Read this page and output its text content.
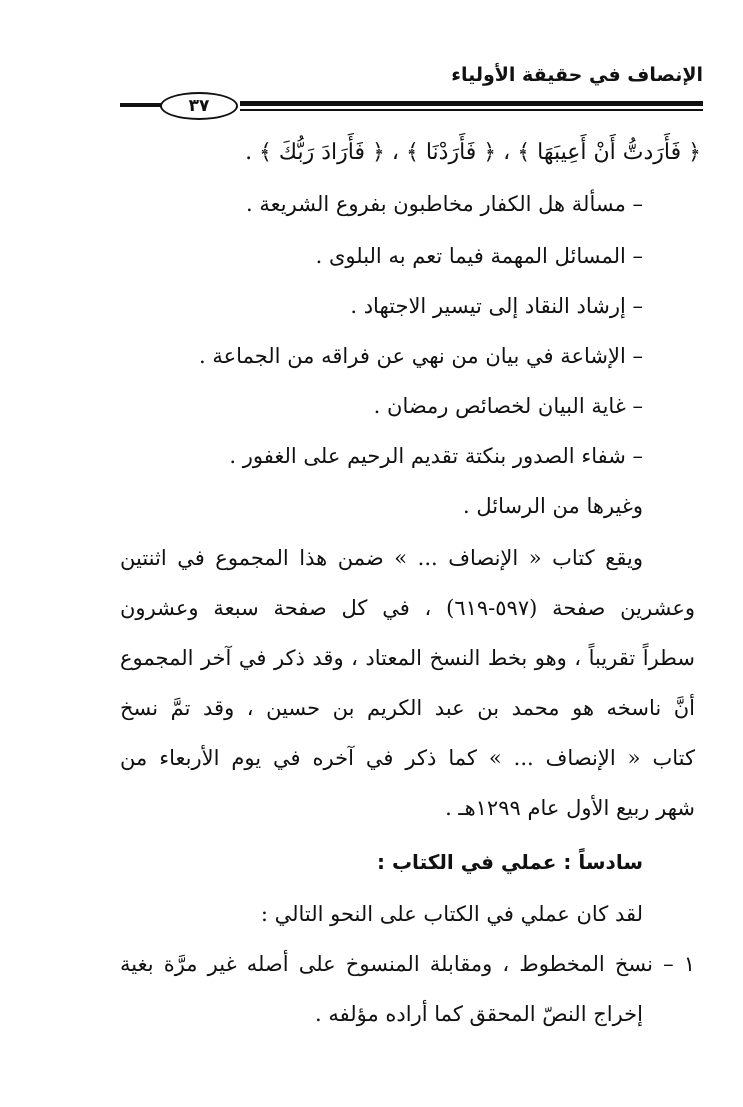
الإنصاف في حقيقة الأولياء
٣٧
﴿ فَأَرَدتُّ أَنْ أَعِيبَهَا ﴾ ، ﴿ فَأَرَدْنَا ﴾ ، ﴿ فَأَرَادَ رَبُّكَ ﴾ .
– مسألة هل الكفار مخاطبون بفروع الشريعة .
– المسائل المهمة فيما تعم به البلوى .
– إرشاد النقاد إلى تيسير الاجتهاد .
– الإشاعة في بيان من نهي عن فراقه من الجماعة .
– غاية البيان لخصائص رمضان .
– شفاء الصدور بنكتة تقديم الرحيم على الغفور .
وغيرها من الرسائل .
ويقع كتاب « الإنصاف ... » ضمن هذا المجموع في اثنتين
وعشرين صفحة (٥٩٧-٦١٩) ، في كل صفحة سبعة وعشرون
سطراً تقريباً ، وهو بخط النسخ المعتاد ، وقد ذكر في آخر المجموع
أنَّ ناسخه هو محمد بن عبد الكريم بن حسين ، وقد تمَّ نسخ
كتاب « الإنصاف ... » كما ذكر في آخره في يوم الأربعاء من
شهر ربيع الأول عام ١٢٩٩هـ .
سادساً : عملي في الكتاب :
لقد كان عملي في الكتاب على النحو التالي :
١ – نسخ المخطوط ، ومقابلة المنسوخ على أصله غير مرَّة بغية
إخراج النصّ المحقق كما أراده مؤلفه .
